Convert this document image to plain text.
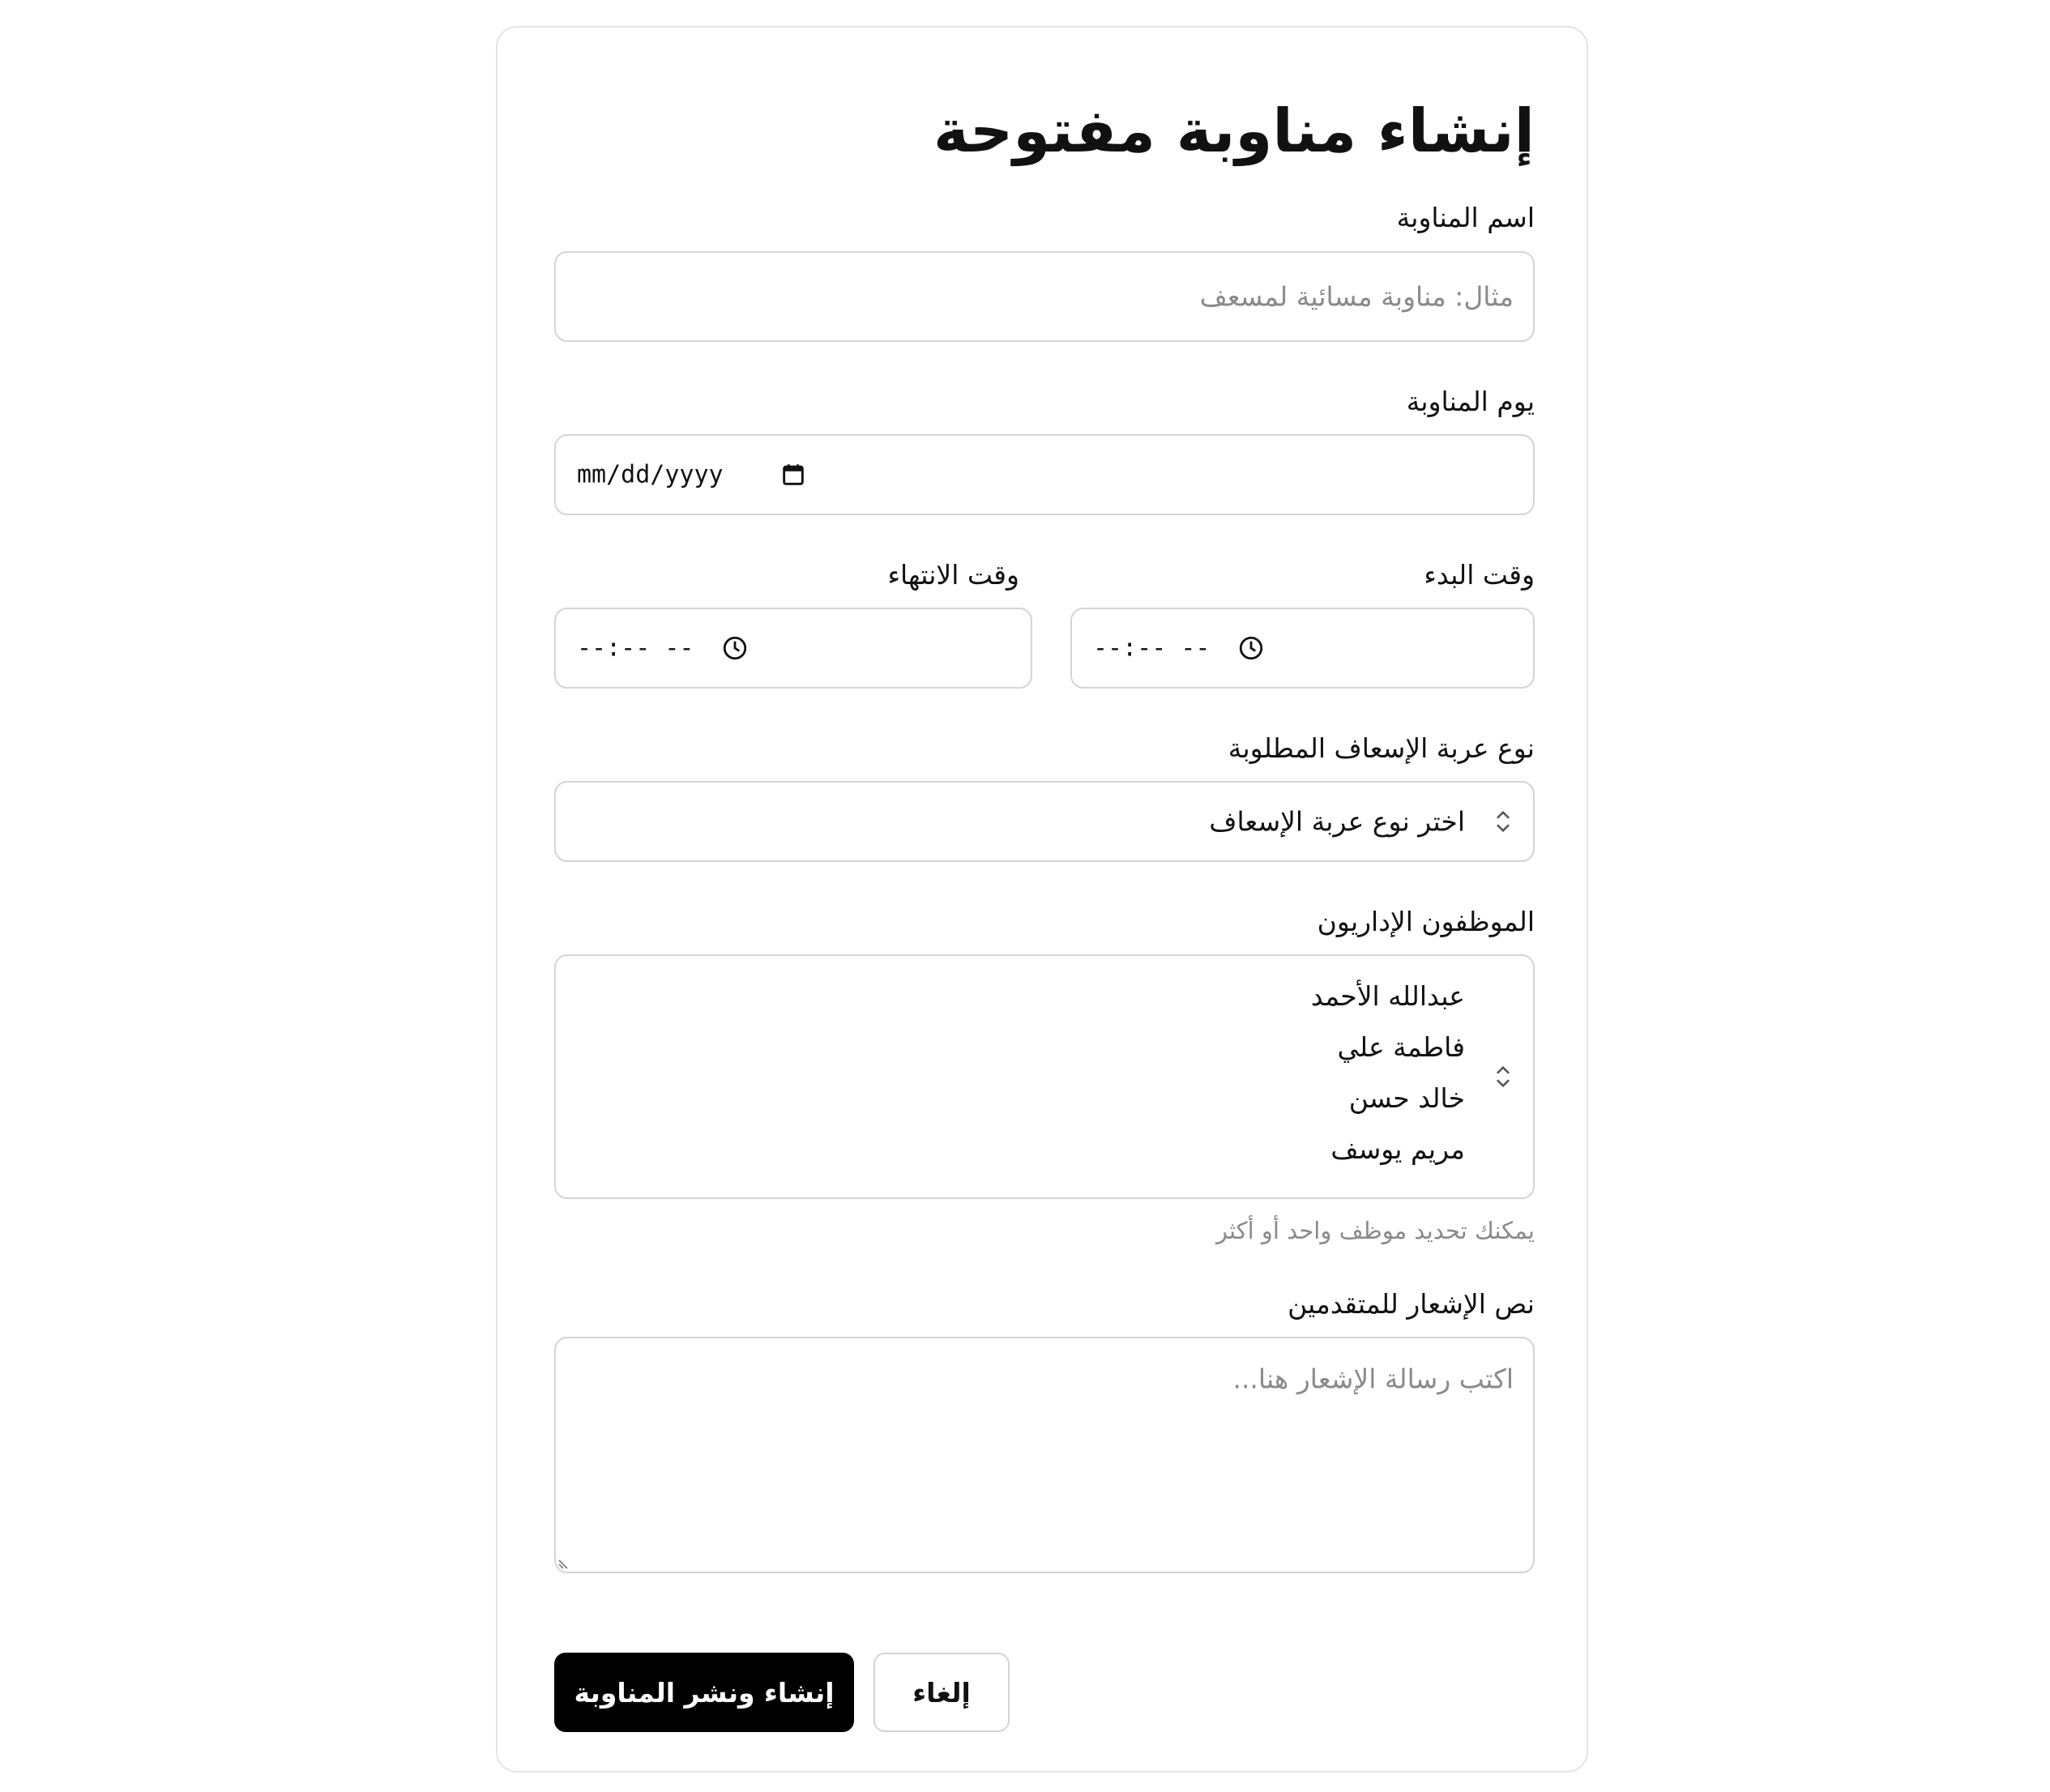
إنشاء مناوبة مفتوحة
اسم المناوبة
مثال: مناوبة مسائية لمسعف
يوم المناوبة
mm/dd/yyyy
وقت البدء
--:-- --
وقت الانتهاء
--:-- --
نوع عربة الإسعاف المطلوبة
اختر نوع عربة الإسعاف
الموظفون الإداريون
عبدالله الأحمد
فاطمة علي
خالد حسن
مريم يوسف
يمكنك تحديد موظف واحد أو أكثر
نص الإشعار للمتقدمين
اكتب رسالة الإشعار هنا...
إنشاء ونشر المناوبة	إلغاء
